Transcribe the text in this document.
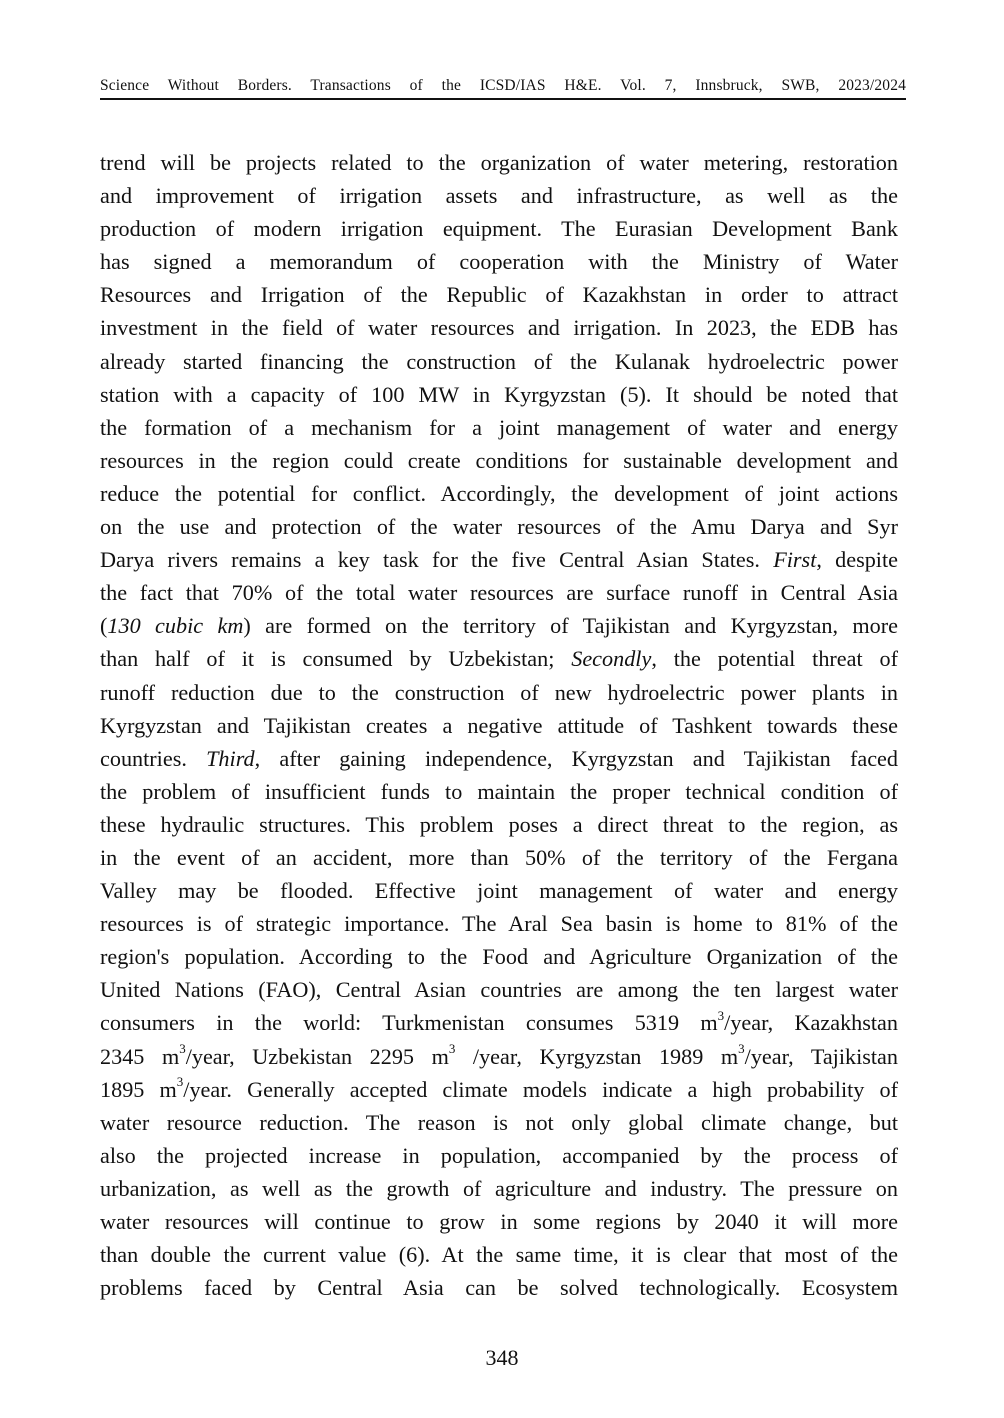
Science Without Borders. Transactions of the ICSD/IAS H&E. Vol. 7, Innsbruck, SWB, 2023/2024
trend will be projects related to the organization of water metering, restoration
and improvement of irrigation assets and infrastructure, as well as the
production of modern irrigation equipment. The Eurasian Development Bank
has signed a memorandum of cooperation with the Ministry of Water
Resources and Irrigation of the Republic of Kazakhstan in order to attract
investment in the field of water resources and irrigation. In 2023, the EDB has
already started financing the construction of the Kulanak hydroelectric power
station with a capacity of 100 MW in Kyrgyzstan (5). It should be noted that
the formation of a mechanism for a joint management of water and energy
resources in the region could create conditions for sustainable development and
reduce the potential for conflict. Accordingly, the development of joint actions
on the use and protection of the water resources of the Amu Darya and Syr
Darya rivers remains a key task for the five Central Asian States. First, despite
the fact that 70% of the total water resources are surface runoff in Central Asia
(130 cubic km) are formed on the territory of Tajikistan and Kyrgyzstan, more
than half of it is consumed by Uzbekistan; Secondly, the potential threat of
runoff reduction due to the construction of new hydroelectric power plants in
Kyrgyzstan and Tajikistan creates a negative attitude of Tashkent towards these
countries. Third, after gaining independence, Kyrgyzstan and Tajikistan faced
the problem of insufficient funds to maintain the proper technical condition of
these hydraulic structures. This problem poses a direct threat to the region, as
in the event of an accident, more than 50% of the territory of the Fergana
Valley may be flooded. Effective joint management of water and energy
resources is of strategic importance. The Aral Sea basin is home to 81% of the
region's population. According to the Food and Agriculture Organization of the
United Nations (FAO), Central Asian countries are among the ten largest water
consumers in the world: Turkmenistan consumes 5319 $m^3$/year, Kazakhstan
2345 $m^3$/year, Uzbekistan 2295 $m^3$ /year, Kyrgyzstan 1989 $m^3$/year, Tajikistan
1895 $m^3$/year. Generally accepted climate models indicate a high probability of
water resource reduction. The reason is not only global climate change, but
also the projected increase in population, accompanied by the process of
urbanization, as well as the growth of agriculture and industry. The pressure on
water resources will continue to grow in some regions by 2040 it will more
than double the current value (6). At the same time, it is clear that most of the
problems faced by Central Asia can be solved technologically. Ecosystem
348
